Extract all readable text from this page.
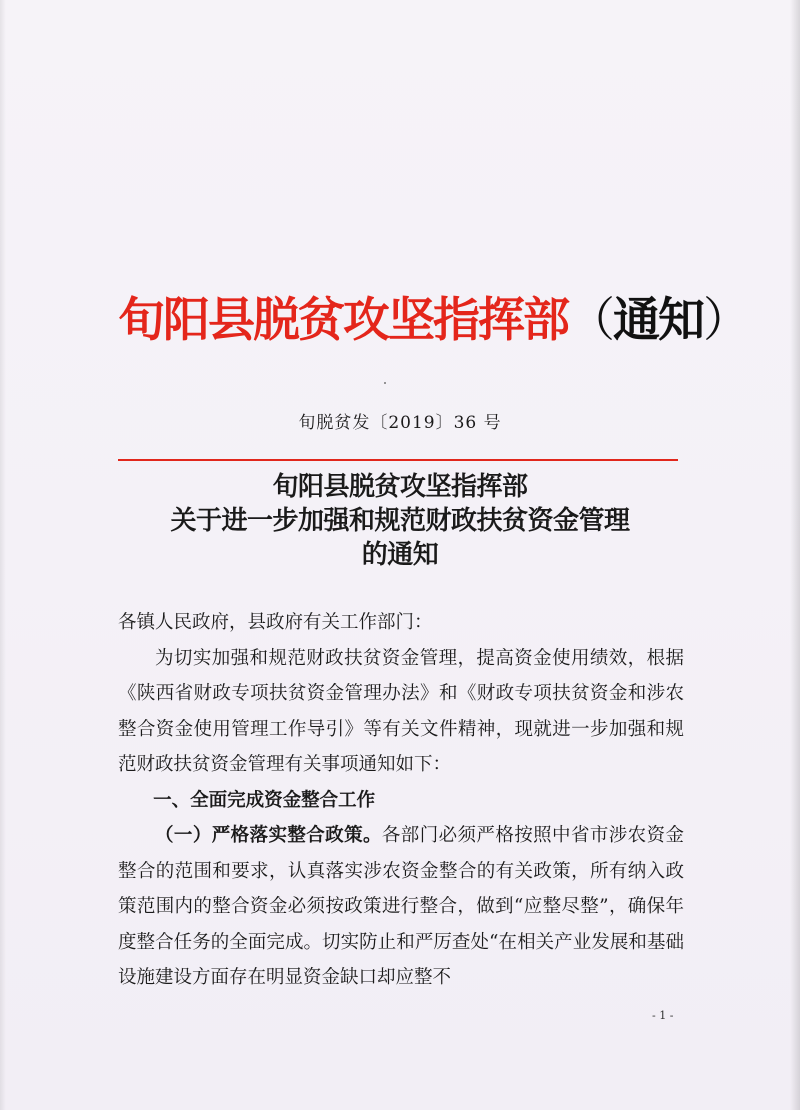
旬阳县脱贫攻坚指挥部（通知）
旬脱贫发〔2019〕36 号
旬阳县脱贫攻坚指挥部
关于进一步加强和规范财政扶贫资金管理
的通知

各镇人民政府，县政府有关工作部门：

为切实加强和规范财政扶贫资金管理，提高资金使用绩效，根据《陕西省财政专项扶贫资金管理办法》和《财政专项扶贫资金和涉农整合资金使用管理工作导引》等有关文件精神，现就进一步加强和规范财政扶贫资金管理有关事项通知如下：

一、全面完成资金整合工作

（一）严格落实整合政策。各部门必须严格按照中省市涉农资金整合的范围和要求，认真落实涉农资金整合的有关政策，所有纳入政策范围内的整合资金必须按政策进行整合，做到“应整尽整”，确保年度整合任务的全面完成。切实防止和严厉查处“在相关产业发展和基础设施建设方面存在明显资金缺口却应整不

- 1 -
